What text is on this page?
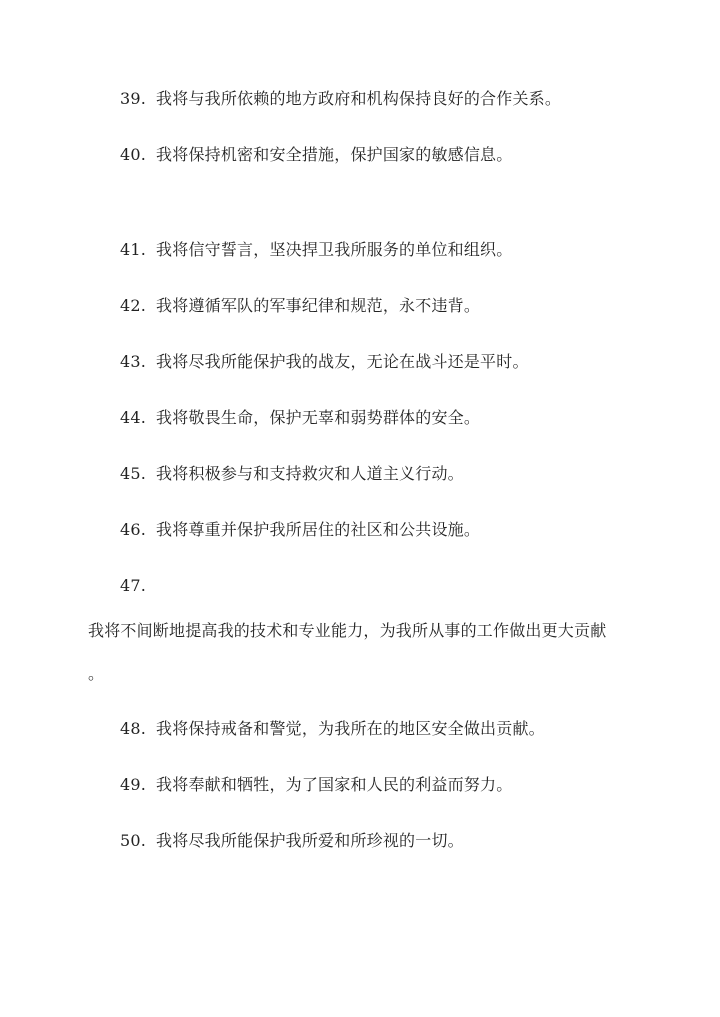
39. 我将与我所依赖的地方政府和机构保持良好的合作关系。
40. 我将保持机密和安全措施，保护国家的敏感信息。
41. 我将信守誓言，坚决捍卫我所服务的单位和组织。
42. 我将遵循军队的军事纪律和规范，永不违背。
43. 我将尽我所能保护我的战友，无论在战斗还是平时。
44. 我将敬畏生命，保护无辜和弱势群体的安全。
45. 我将积极参与和支持救灾和人道主义行动。
46. 我将尊重并保护我所居住的社区和公共设施。
47.
我将不间断地提高我的技术和专业能力，为我所从事的工作做出更大贡献
。
48. 我将保持戒备和警觉，为我所在的地区安全做出贡献。
49. 我将奉献和牺牲，为了国家和人民的利益而努力。
50. 我将尽我所能保护我所爱和所珍视的一切。
